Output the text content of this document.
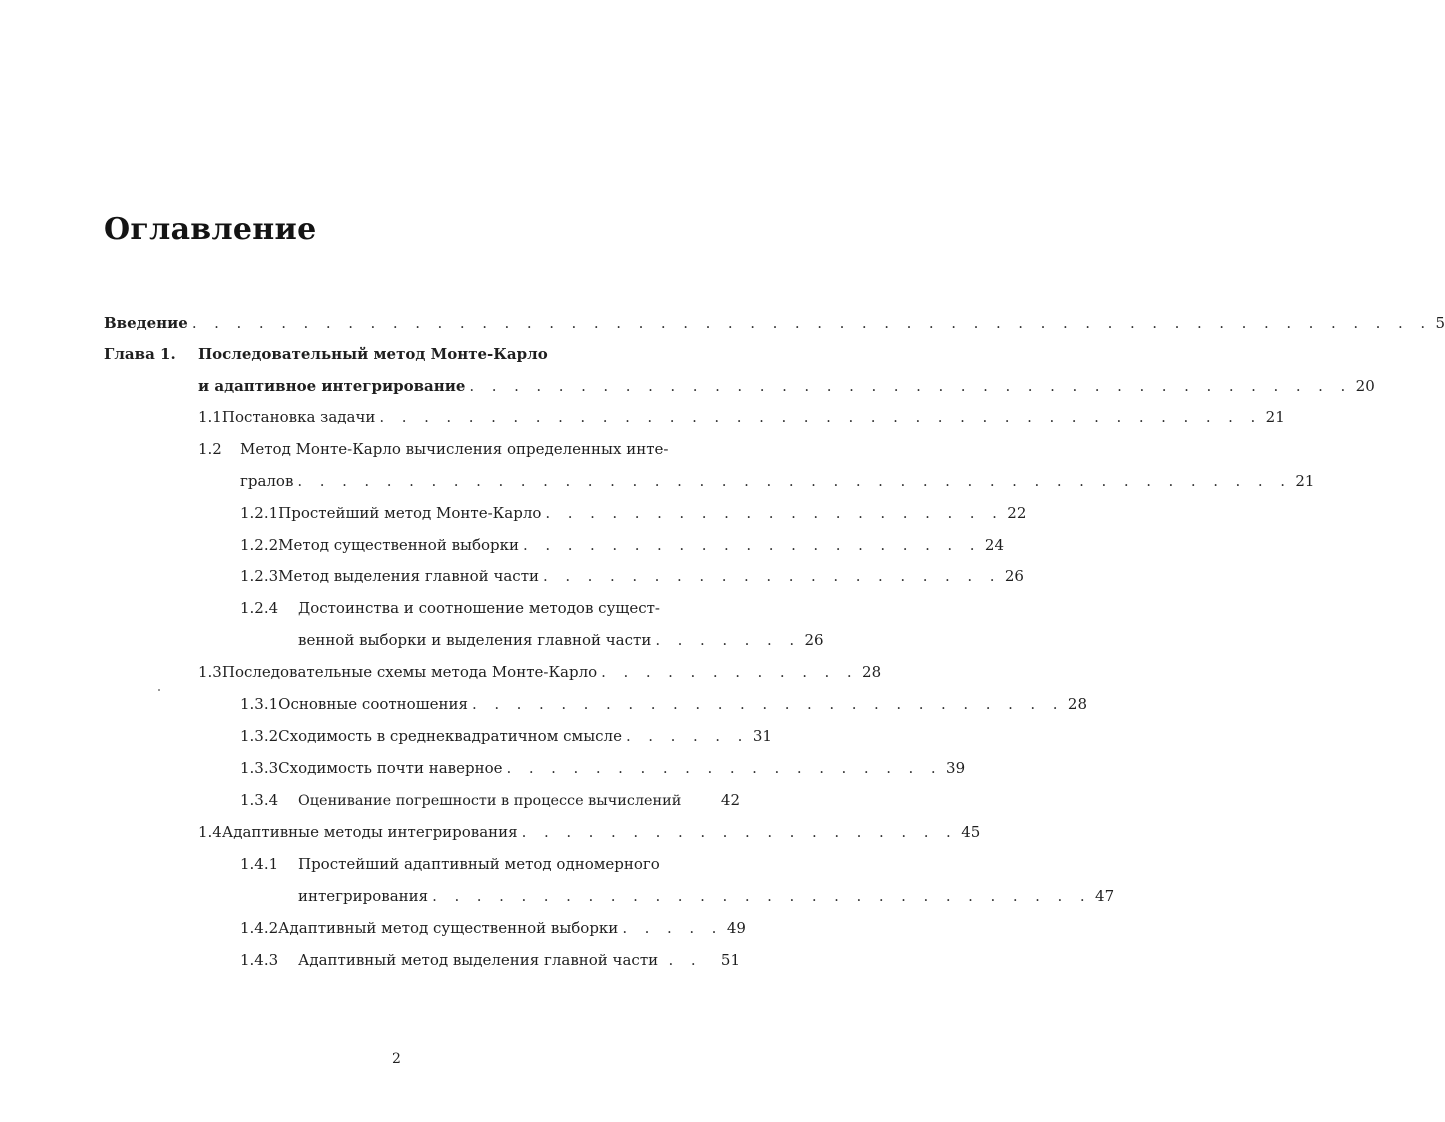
Оглавление
Введение . . . . . . . . . . . . . . . . . . . . . . . . . . . . . . . . . . . . . . . . . . . . . . . . . . . . . . . . 5
Глава 1.	Последовательный метод Монте-Карло
и адаптивное интегрирование . . . . . . . . . . . . . . . . . . . . . . . . . . . . . . . . . . . . . . . . 20
1.1 Постановка задачи . . . . . . . . . . . . . . . . . . . . . . . . . . . . . . . . . . . . . . . . 21
1.2	Метод Монте-Карло вычисления определенных инте-
гралов . . . . . . . . . . . . . . . . . . . . . . . . . . . . . . . . . . . . . . . . . . . . . 21
1.2.1 Простейший метод Монте-Карло . . . . . . . . . . . . . . . . . . . . . 22
1.2.2 Метод существенной выборки . . . . . . . . . . . . . . . . . . . . . 24
1.2.3 Метод выделения главной части . . . . . . . . . . . . . . . . . . . . . 26
1.2.4	Достоинства и соотношение методов сущест-
венной выборки и выделения главной части . . . . . . . 26
1.3 Последовательные схемы метода Монте-Карло . . . . . . . . . . . . 28
1.3.1 Основные соотношения . . . . . . . . . . . . . . . . . . . . . . . . . . . 28
1.3.2 Сходимость в среднеквадратичном смысле . . . . . . 31
1.3.3 Сходимость почти наверное . . . . . . . . . . . . . . . . . . . . 39
1.3.4	Оценивание погрешности в процессе вычислений	42
1.4 Адаптивные методы интегрирования . . . . . . . . . . . . . . . . . . . . 45
1.4.1	Простейший адаптивный метод одномерного
интегрирования . . . . . . . . . . . . . . . . . . . . . . . . . . . . . . 47
1.4.2 Адаптивный метод существенной выборки . . . . . 49
1.4.3	Адаптивный метод выделения главной части . .	51
2
